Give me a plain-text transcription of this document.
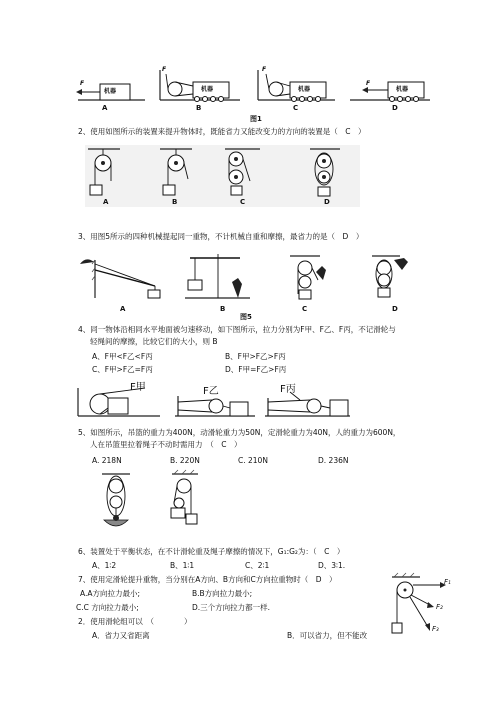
机器	机器	机器	机器
F
F	F
F
A	B	C	D
图1
2、使用如图所示的装置来提升物体时，既能省力又能改变力的方向的装置是（　C　）
A	B	C	D
3、用图5所示的四种机械提起同一重物，不计机械自重和摩擦，最省力的是（　D　）
A	B	C	D
图5
4、同一物体沿相同水平地面被匀速移动，如下图所示，拉力分别为F甲、F乙、F丙，不记滑轮与
轻绳间的摩擦，比较它们的大小，则 B
A、F甲<F乙<F丙	B、F甲>F乙>F丙
C、F甲>F乙=F丙	D、F甲=F乙>F丙
F甲	F乙	F丙
5、如图所示，吊篮的重力为400N，动滑轮重力为50N，定滑轮重力为40N，人的重力为600N，
人在吊篮里拉着绳子不动时需用力　（　C　）
A. 218N	B. 220N	C. 210N	D. 236N
6、装置处于平衡状态，在不计滑轮重及绳子摩擦的情况下，G₁:G₂为：（　C　）
A、1∶2	B、1∶1	C、2∶1	D、3∶1.
7、使用定滑轮提升重物，当分别在A方向、B方向和C方向拉重物时（　D　）
A.A方向拉力最小;	B.B方向拉力最小;
C.C 方向拉力最小;	D.三个方向拉力都一样.
F₁
F₂
F₃
2．使用滑轮组可以　（　　　　）
A．省力又省距离	B．可以省力，但不能改
